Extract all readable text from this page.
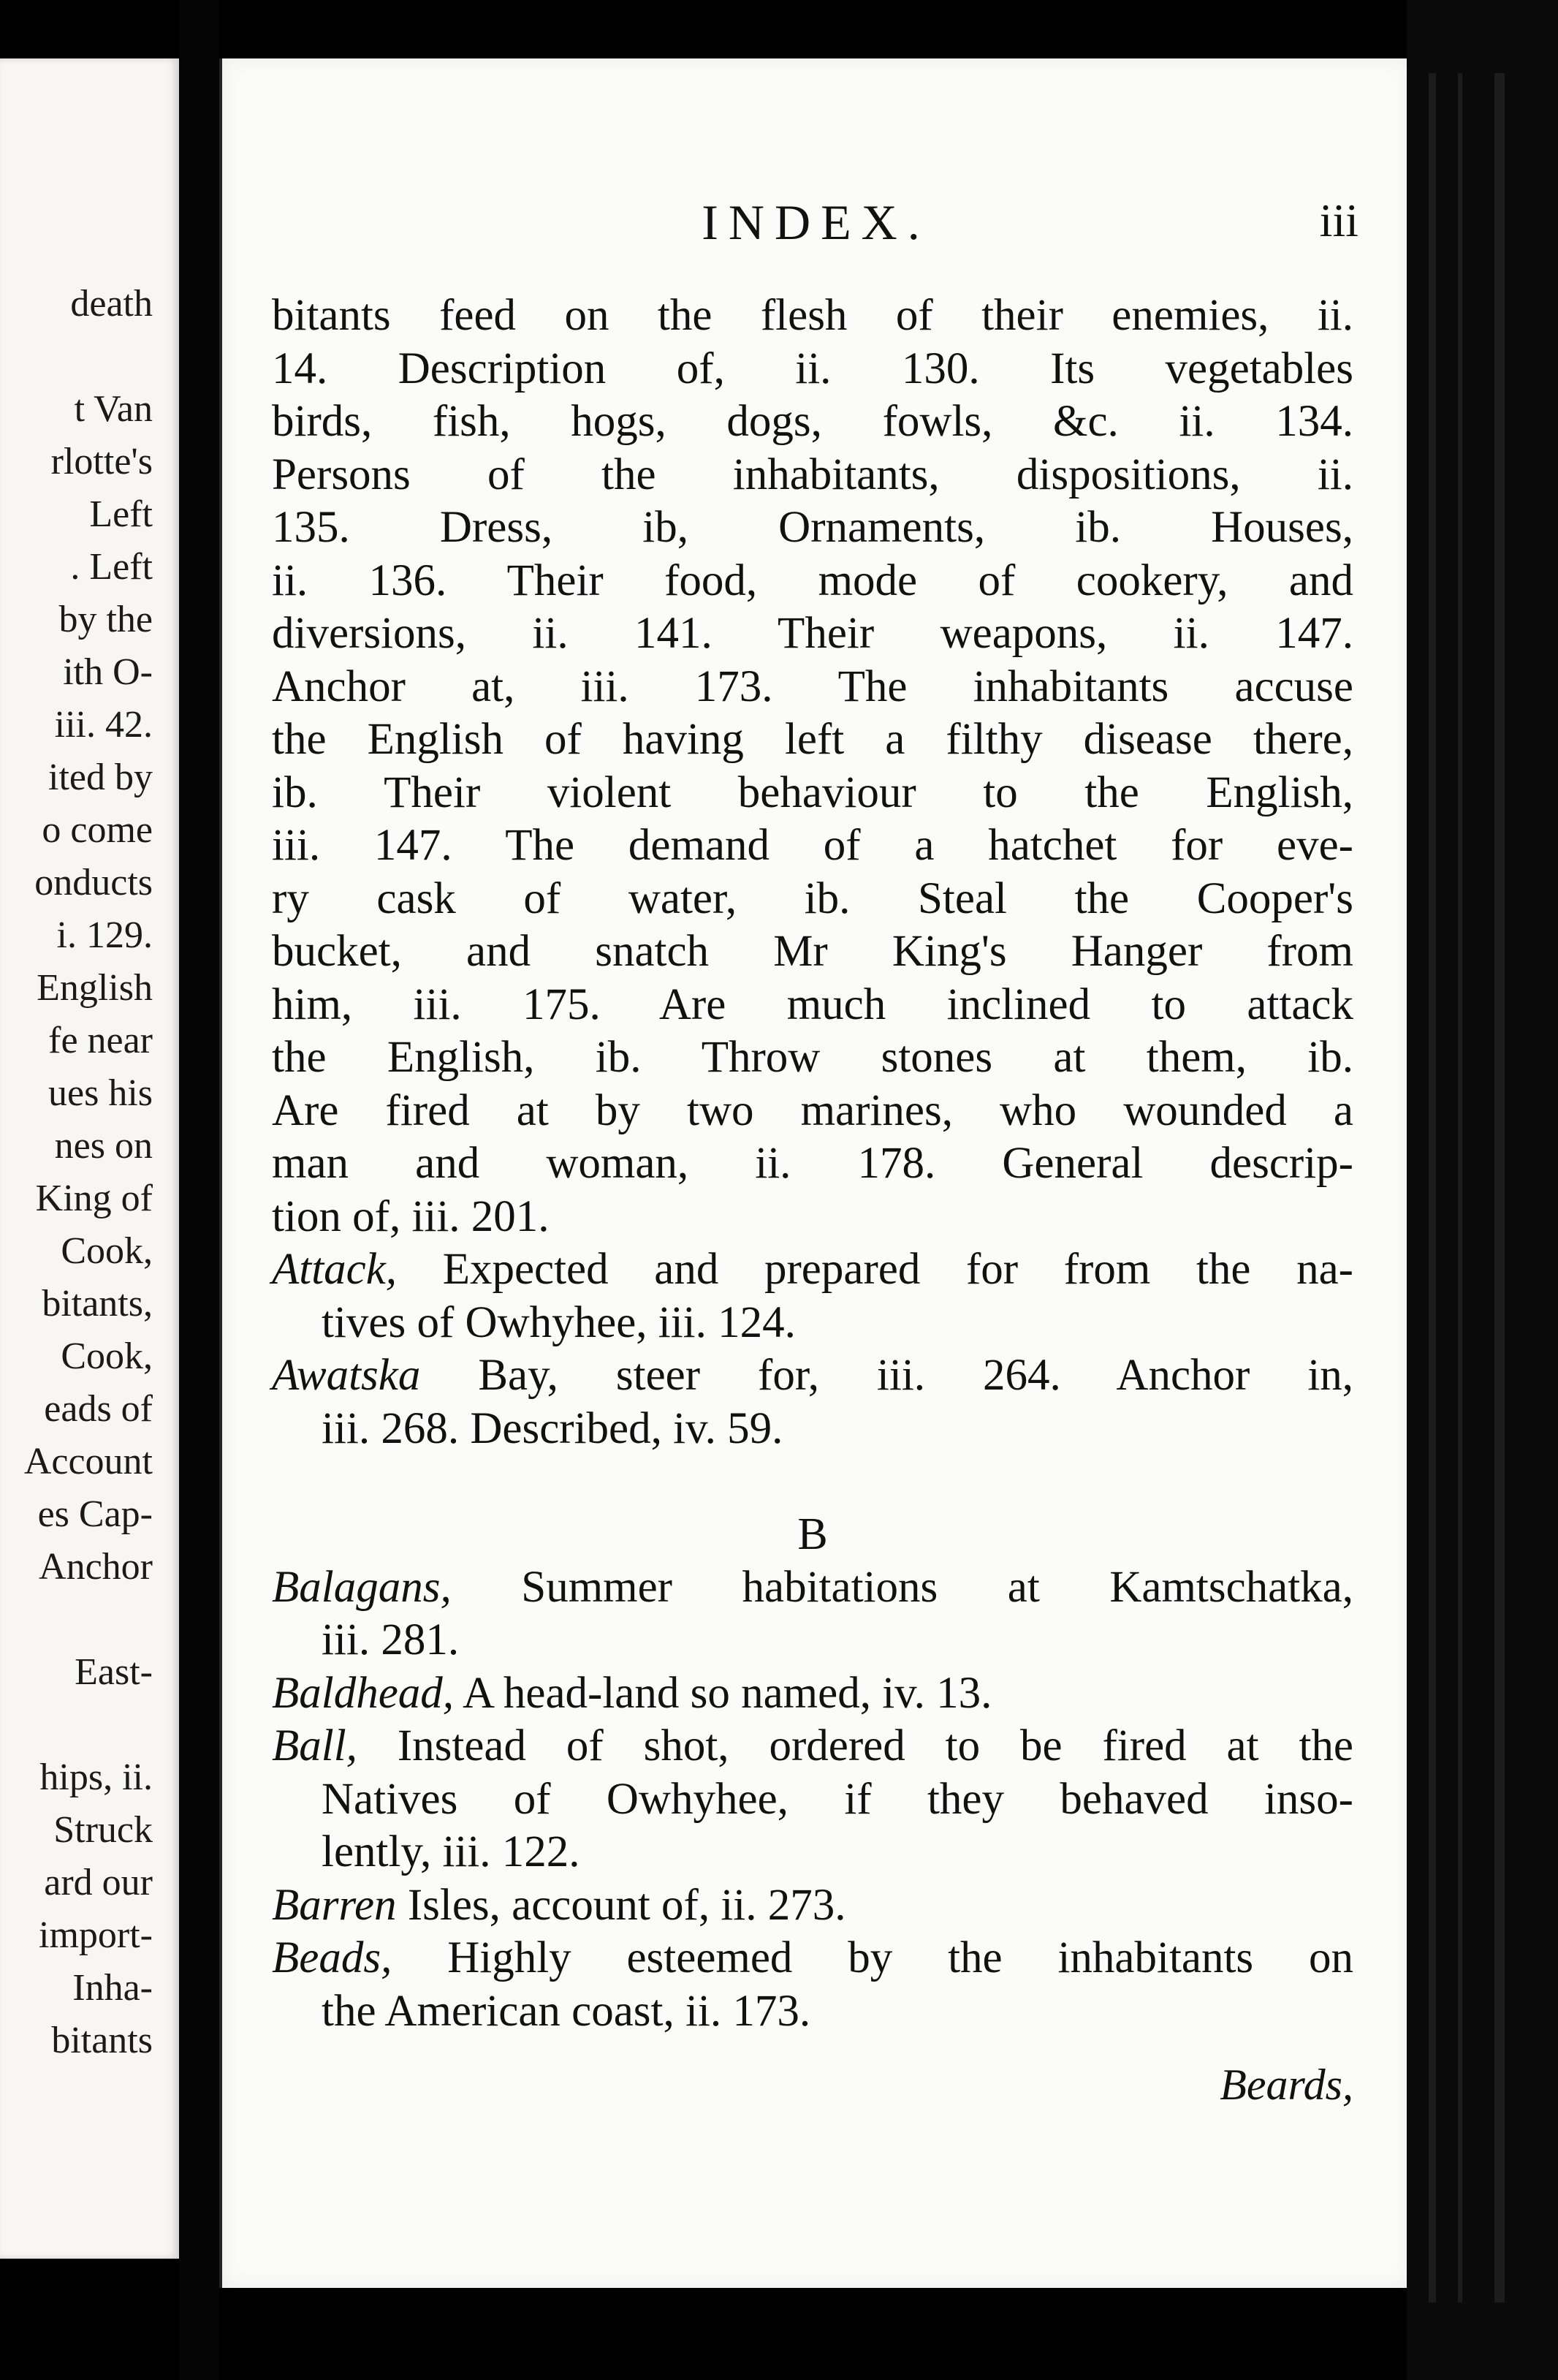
death
t Van
rlotte's
Left
. Left
by the
ith O-
iii. 42.
ited by
o come
onducts
i. 129.
English
fe near
ues his
nes on
King of
Cook,
bitants,
Cook,
eads of
Account
es Cap-
Anchor
East-
hips, ii.
Struck
ard our
import-
Inha-
bitants
INDEX.	iii
bitants feed on the flesh of their enemies, ii.
14. Description of, ii. 130. Its vegetables
birds, fish, hogs, dogs, fowls, &c. ii. 134.
Persons of the inhabitants, dispositions, ii.
135. Dress, ib, Ornaments, ib. Houses,
ii. 136. Their food, mode of cookery, and
diversions, ii. 141. Their weapons, ii. 147.
Anchor at, iii. 173. The inhabitants accuse
the English of having left a filthy disease there,
ib. Their violent behaviour to the English,
iii. 147. The demand of a hatchet for eve-
ry cask of water, ib. Steal the Cooper's
bucket, and snatch Mr King's Hanger from
him, iii. 175. Are much inclined to attack
the English, ib. Throw stones at them, ib.
Are fired at by two marines, who wounded a
man and woman, ii. 178. General descrip-
tion of, iii. 201.
Attack, Expected and prepared for from the na-
tives of Owhyhee, iii. 124.
Awatska Bay, steer for, iii. 264. Anchor in,
iii. 268. Described, iv. 59.
B
Balagans, Summer habitations at Kamtschatka,
iii. 281.
Baldhead, A head-land so named, iv. 13.
Ball, Instead of shot, ordered to be fired at the
Natives of Owhyhee, if they behaved inso-
lently, iii. 122.
Barren Isles, account of, ii. 273.
Beads, Highly esteemed by the inhabitants on
the American coast, ii. 173.
Beards,
